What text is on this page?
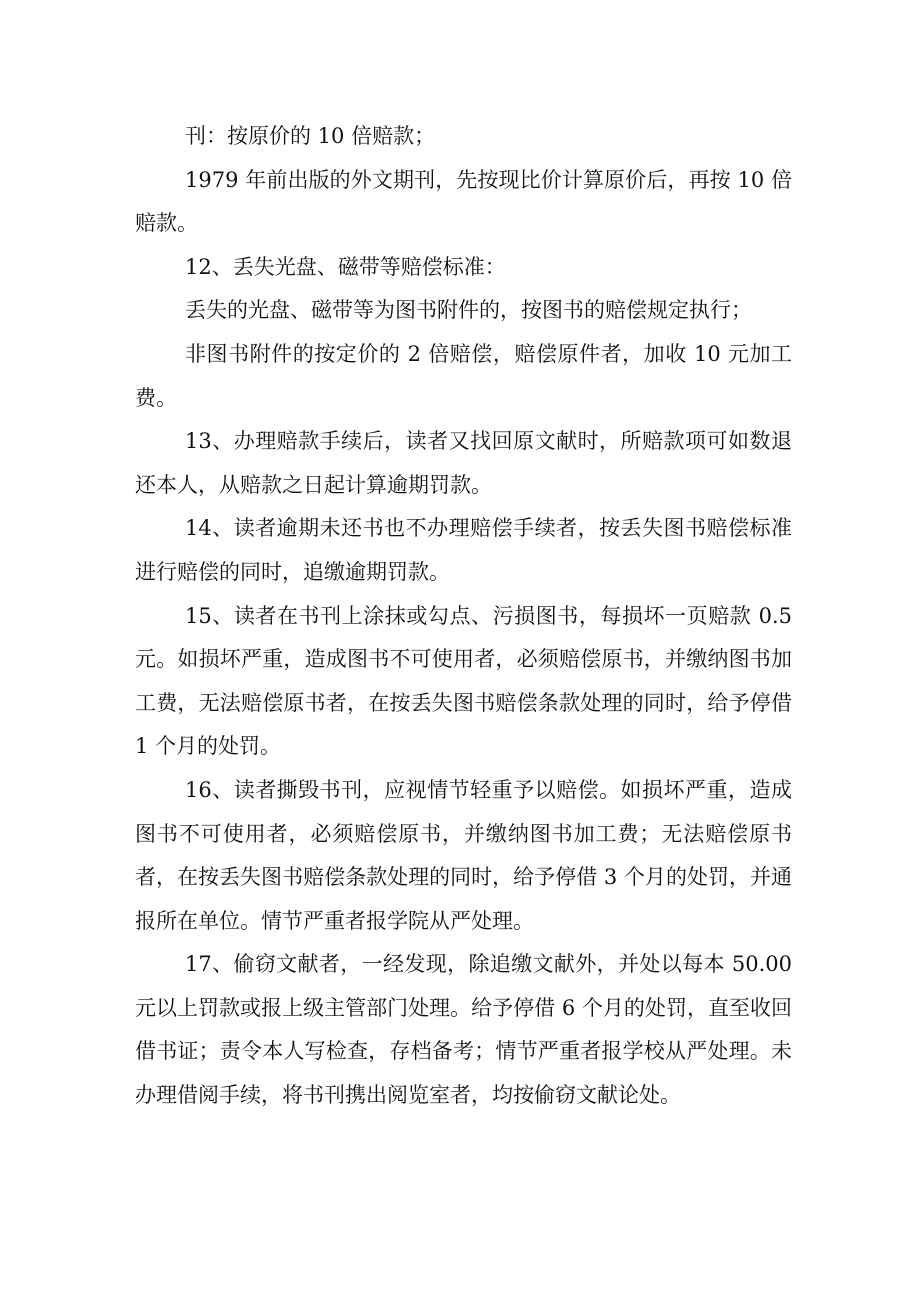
刊：按原价的 10 倍赔款；

1979 年前出版的外文期刊，先按现比价计算原价后，再按 10 倍赔款。

12、丢失光盘、磁带等赔偿标准：

丢失的光盘、磁带等为图书附件的，按图书的赔偿规定执行；

非图书附件的按定价的 2 倍赔偿，赔偿原件者，加收 10 元加工费。

13、办理赔款手续后，读者又找回原文献时，所赔款项可如数退还本人，从赔款之日起计算逾期罚款。

14、读者逾期未还书也不办理赔偿手续者，按丢失图书赔偿标准进行赔偿的同时，追缴逾期罚款。

15、读者在书刊上涂抹或勾点、污损图书，每损坏一页赔款 0.5 元。如损坏严重，造成图书不可使用者，必须赔偿原书，并缴纳图书加工费，无法赔偿原书者，在按丢失图书赔偿条款处理的同时，给予停借 1 个月的处罚。

16、读者撕毁书刊，应视情节轻重予以赔偿。如损坏严重，造成图书不可使用者，必须赔偿原书，并缴纳图书加工费；无法赔偿原书者，在按丢失图书赔偿条款处理的同时，给予停借 3 个月的处罚，并通报所在单位。情节严重者报学院从严处理。

17、偷窃文献者，一经发现，除追缴文献外，并处以每本 50.00 元以上罚款或报上级主管部门处理。给予停借 6 个月的处罚，直至收回借书证；责令本人写检查，存档备考；情节严重者报学校从严处理。未办理借阅手续，将书刊携出阅览室者，均按偷窃文献论处。
